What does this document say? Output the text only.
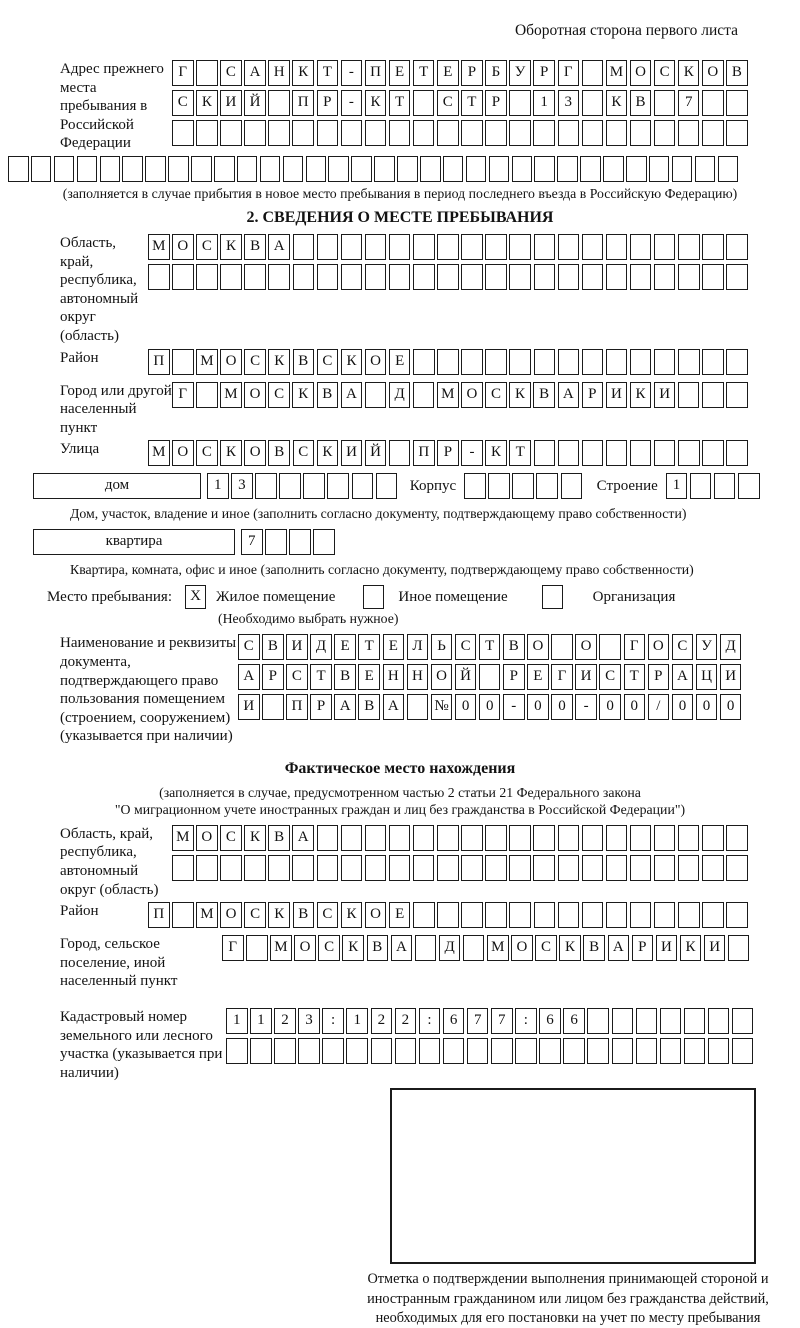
Оборотная сторона первого листа
Адрес прежнего места пребывания в Российской Федерации
Г	С А Н К Т - П Е Т Е Р Б У Р Г М О С К О В
С К И Й П Р - К Т	С Т Р	1 3	К В	7
(заполняется в случае прибытия в новое место пребывания в период последнего въезда в Российскую Федерацию)
2. СВЕДЕНИЯ О МЕСТЕ ПРЕБЫВАНИЯ
Область, край, республика, автономный округ (область)
М О С К В А
Район	П М О С К В С К О Е
Город или другой населенный пункт
Г М О С К В А	Д М О С К В А Р И К И
Улица	М О С К О В С К И Й П Р - К Т
дом	1 3	Корпус	Строение	1
Дом, участок, владение и иное (заполнить согласно документу, подтверждающему право собственности)
квартира	7
Квартира, комната, офис и иное (заполнить согласно документу, подтверждающему право собственности)
Место пребывания:	X	Жилое помещение	Иное помещение	Организация
(Необходимо выбрать нужное)
Наименование и реквизиты документа, подтверждающего право пользования помещением (строением, сооружением) (указывается при наличии)
С В И Д Е Т Е Л Ь С Т В О О	Г О С У Д
А Р С Т В Е Н Н О Й	Р Е Г И С Т Р А Ц И
И П Р А В А № 0 0 - 0 0 - 0 0 / 0 0 0
Фактическое место нахождения
(заполняется в случае, предусмотренном частью 2 статьи 21 Федерального закона
"О миграционном учете иностранных граждан и лиц без гражданства в Российской Федерации")
Область, край, республика, автономный округ (область)
М О С К В А
Район	П М О С К В С К О Е
Город, сельское поселение, иной населенный пункт
Г М О С К В А	Д М О С К В А Р И К И
Кадастровый номер земельного или лесного участка (указывается при наличии)
1 1 2 3 : 1 2 2 : 6 7 7 : 6 6
Отметка о подтверждении выполнения принимающей стороной и иностранным гражданином или лицом без гражданства действий, необходимых для его постановки на учет по месту пребывания
